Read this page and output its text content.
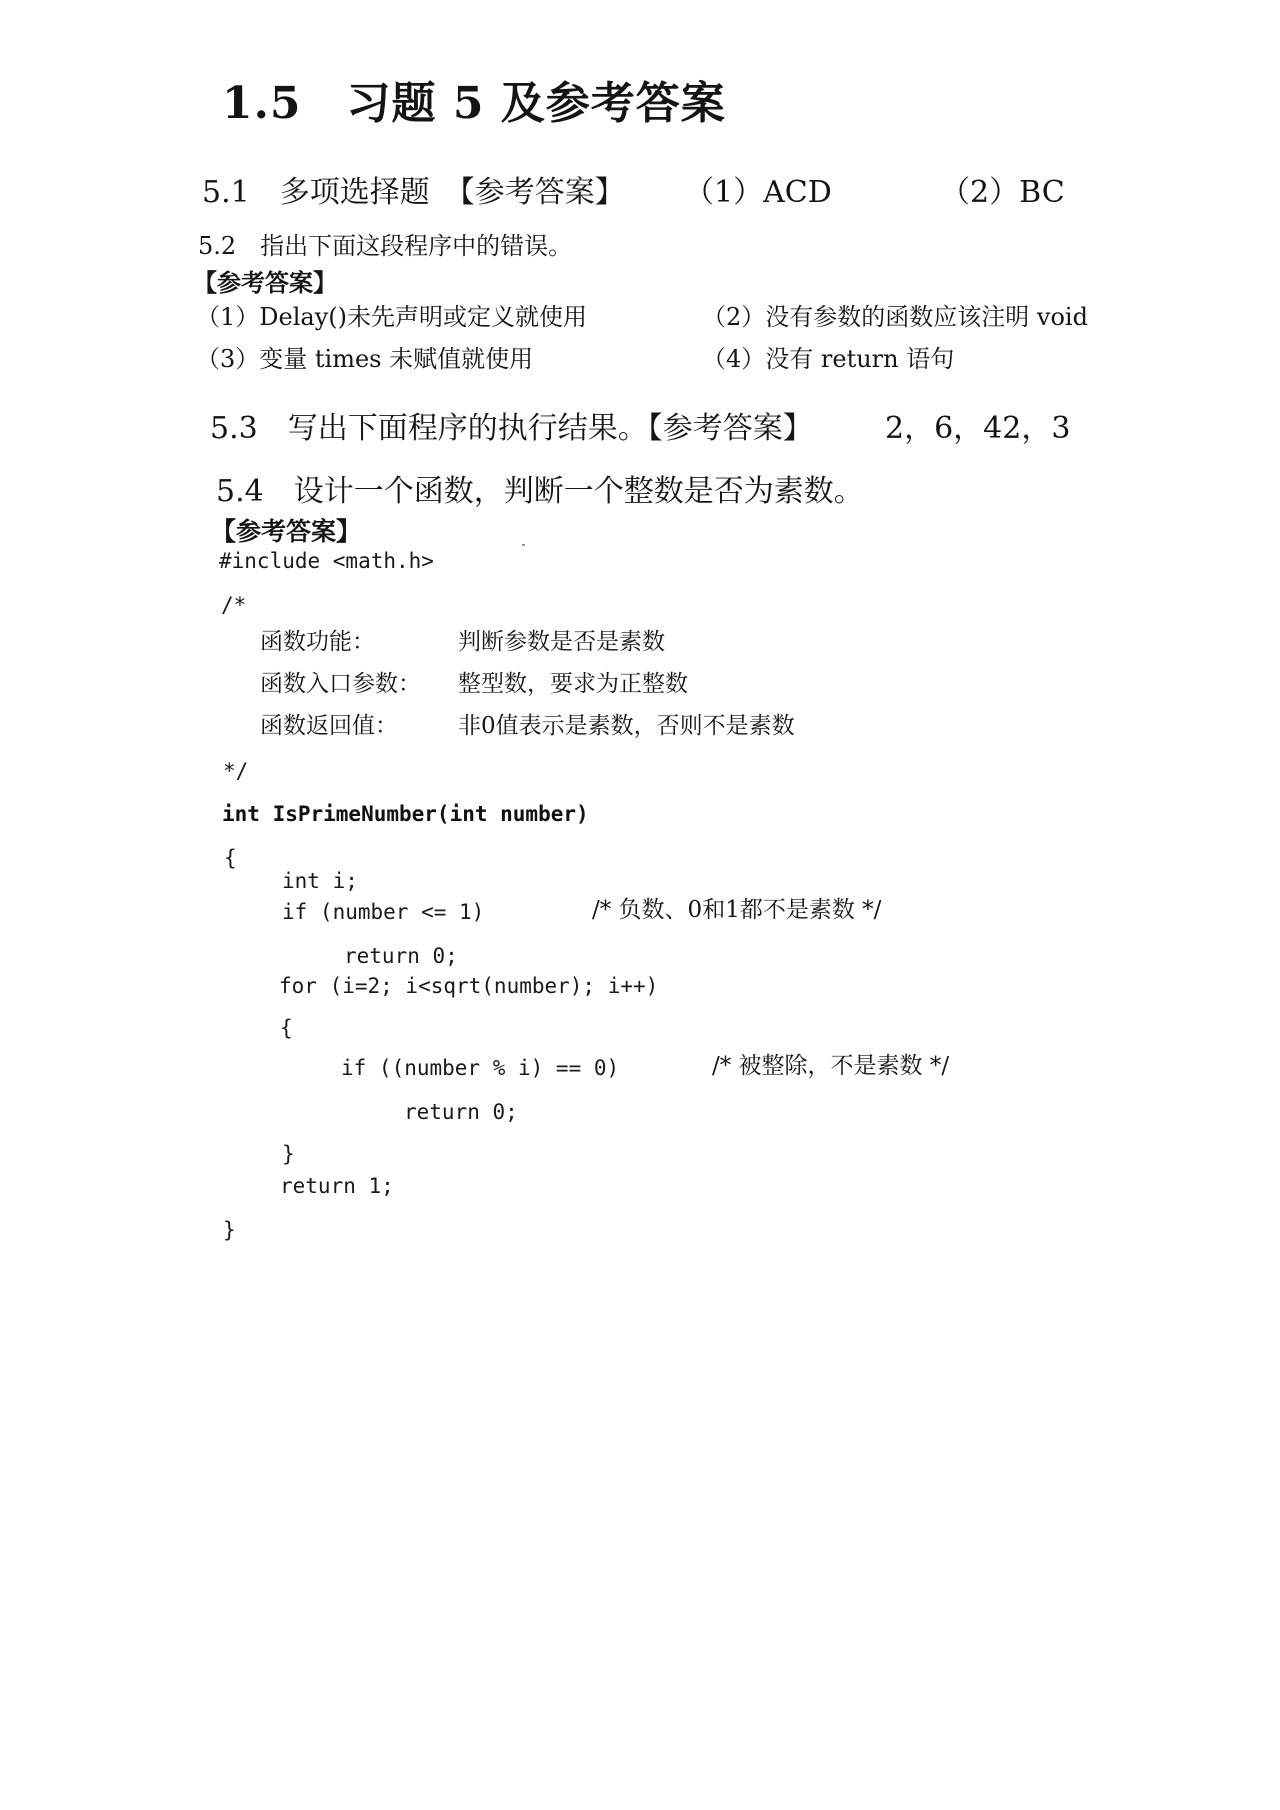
1.5　习题 5 及参考答案
5.1　多项选择题　【参考答案】 （1）ACD	（2）BC
5.2　指出下面这段程序中的错误。
【参考答案】
（1）Delay()未先声明或定义就使用	（2）没有参数的函数应该注明 void
（3）变量 times 未赋值就使用	（4）没有 return 语句
5.3　写出下面程序的执行结果。【参考答案】 2，6，42，3
5.4　设计一个函数，判断一个整数是否为素数。
【参考答案】
#include <math.h>
/*
函数功能：	判断参数是否是素数
函数入口参数： 整型数，要求为正整数
函数返回值：	非0值表示是素数，否则不是素数
*/
int IsPrimeNumber(int number)
{
int i;
if (number <= 1)	/* 负数、0和1都不是素数 */
return 0;
for (i=2; i<sqrt(number); i++)
{
if ((number % i) == 0)	/* 被整除，不是素数 */
return 0;
}
return 1;
}
